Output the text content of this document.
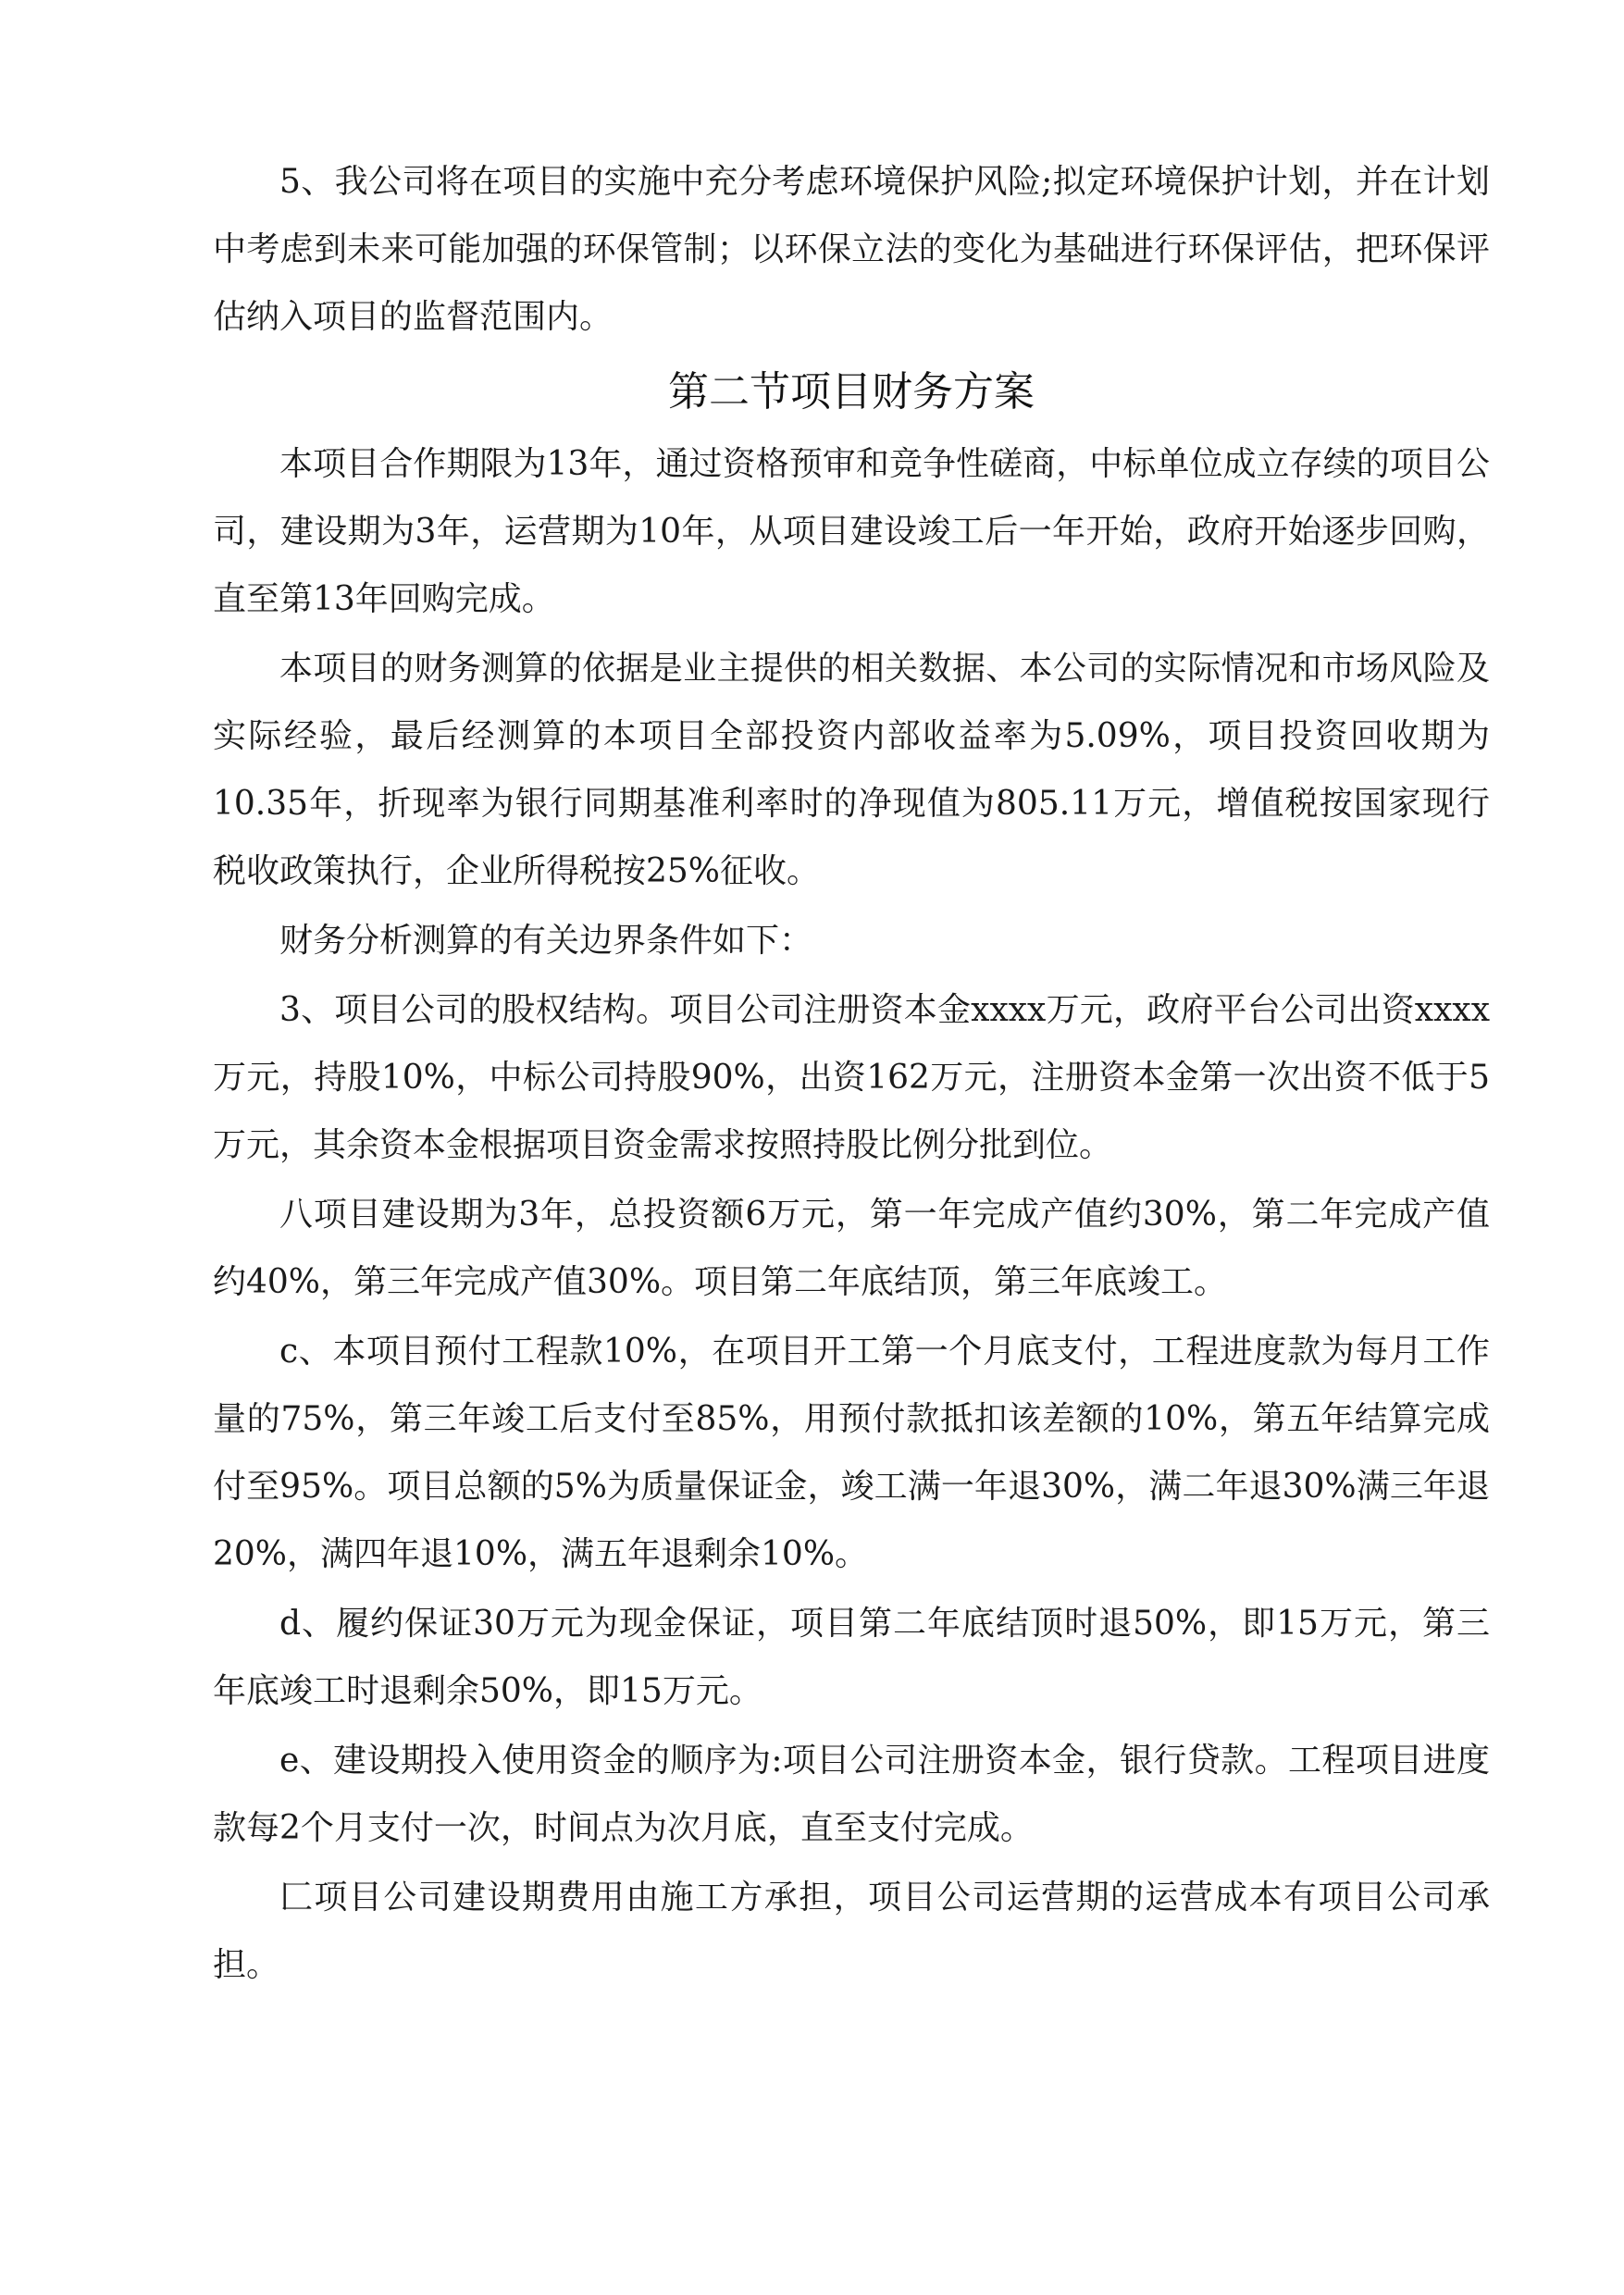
5、我公司将在项目的实施中充分考虑环境保护风险;拟定环境保护计划，并在计划中考虑到未来可能加强的环保管制；以环保立法的变化为基础进行环保评估，把环保评估纳入项目的监督范围内。

第二节项目财务方案

本项目合作期限为13年，通过资格预审和竞争性磋商，中标单位成立存续的项目公司，建设期为3年，运营期为10年，从项目建设竣工后一年开始，政府开始逐步回购，直至第13年回购完成。

本项目的财务测算的依据是业主提供的相关数据、本公司的实际情况和市场风险及实际经验，最后经测算的本项目全部投资内部收益率为5.09%，项目投资回收期为10.35年，折现率为银行同期基准利率时的净现值为805.11万元，增值税按国家现行税收政策执行，企业所得税按25%征收。

财务分析测算的有关边界条件如下：

3、项目公司的股权结构。项目公司注册资本金xxxx万元，政府平台公司出资xxxx万元，持股10%，中标公司持股90%，出资162万元，注册资本金第一次出资不低于5万元，其余资本金根据项目资金需求按照持股比例分批到位。

八项目建设期为3年，总投资额6万元，第一年完成产值约30%，第二年完成产值约40%，第三年完成产值30%。项目第二年底结顶，第三年底竣工。

c、本项目预付工程款10%，在项目开工第一个月底支付，工程进度款为每月工作量的75%，第三年竣工后支付至85%，用预付款抵扣该差额的10%，第五年结算完成付至95%。项目总额的5%为质量保证金，竣工满一年退30%，满二年退30%满三年退20%，满四年退10%，满五年退剩余10%。

d、履约保证30万元为现金保证，项目第二年底结顶时退50%，即15万元，第三年底竣工时退剩余50%，即15万元。

e、建设期投入使用资金的顺序为:项目公司注册资本金，银行贷款。工程项目进度款每2个月支付一次，时间点为次月底，直至支付完成。

匚项目公司建设期费用由施工方承担，项目公司运营期的运营成本有项目公司承担。
